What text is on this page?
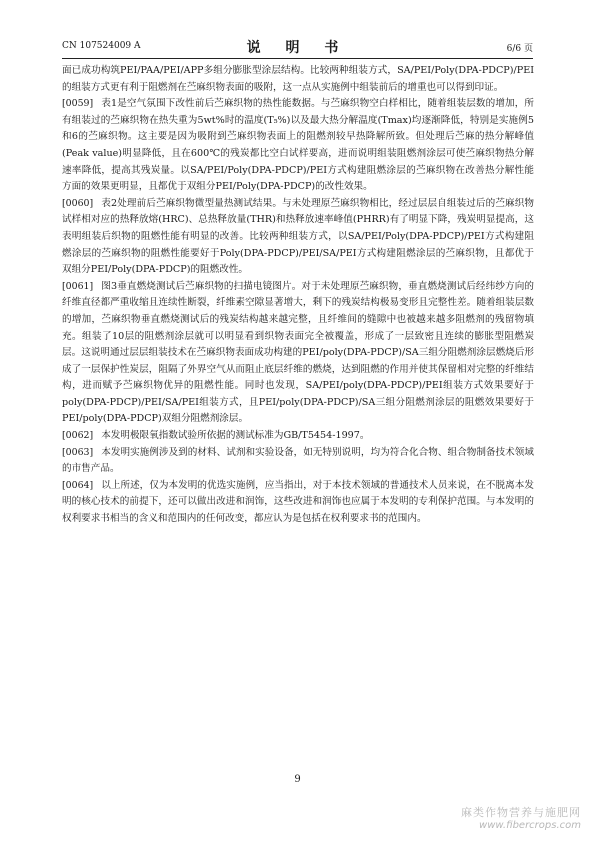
CN 107524009 A	说 明 书	6/6 页

面已成功构筑PEI/PAA/PEI/APP多组分膨胀型涂层结构。比较两种组装方式，SA/PEI/Poly(DPA-PDCP)/PEI的组装方式更有利于阻燃剂在苎麻织物表面的吸附，这一点从实施例中组装前后的增重也可以得到印证。

[0059] 表1是空气氛围下改性前后苎麻织物的热性能数据。与苎麻织物空白样相比，随着组装层数的增加，所有组装过的苎麻织物在热失重为5wt%时的温度(T₅%)以及最大热分解温度(Tmax)均逐渐降低，特别是实施例5和6的苎麻织物。这主要是因为吸附到苎麻织物表面上的阻燃剂较早热降解所致。但处理后苎麻的热分解峰值(Peak value)明显降低，且在600℃的残炭都比空白试样要高，进而说明组装阻燃剂涂层可使苎麻织物热分解速率降低，提高其残炭量。以SA/PEI/Poly(DPA-PDCP)/PEI方式构建阻燃涂层的苎麻织物在改善热分解性能方面的效果更明显，且都优于双组分PEI/Poly(DPA-PDCP)的改性效果。

[0060] 表2处理前后苎麻织物微型量热测试结果。与未处理原苎麻织物相比，经过层层自组装过后的苎麻织物试样相对应的热释放熔(HRC)、总热释放量(THR)和热释放速率峰值(PHRR)有了明显下降，残炭明显提高，这表明组装后织物的阻燃性能有明显的改善。比较两种组装方式，以SA/PEI/Poly(DPA-PDCP)/PEI方式构建阻燃涂层的苎麻织物的阻燃性能要好于Poly(DPA-PDCP)/PEI/SA/PEI方式构建阻燃涂层的苎麻织物，且都优于双组分PEI/Poly(DPA-PDCP)的阻燃改性。

[0061] 图3垂直燃烧测试后苎麻织物的扫描电镜图片。对于未处理原苎麻织物，垂直燃烧测试后经纬纱方向的纤维直径都严重收缩且连续性断裂，纤维素空隙显著增大，剩下的残炭结构极易变形且完整性差。随着组装层数的增加，苎麻织物垂直燃烧测试后的残炭结构越来越完整，且纤维间的缝隙中也被越来越多阻燃剂的残留物填充。组装了10层的阻燃剂涂层就可以明显看到织物表面完全被覆盖，形成了一层致密且连续的膨胀型阻燃炭层。这说明通过层层组装技术在苎麻织物表面成功构建的PEI/poly(DPA-PDCP)/SA三组分阻燃剂涂层燃烧后形成了一层保护性炭层，阻隔了外界空气从而阻止底层纤维的燃烧，达到阻燃的作用并使其保留相对完整的纤维结构，进而赋予苎麻织物优异的阻燃性能。同时也发现，SA/PEI/poly(DPA-PDCP)/PEI组装方式效果要好于poly(DPA-PDCP)/PEI/SA/PEI组装方式，且PEI/poly(DPA-PDCP)/SA三组分阻燃剂涂层的阻燃效果要好于PEI/poly(DPA-PDCP)双组分阻燃剂涂层。

[0062] 本发明极限氧指数试验所依据的测试标准为GB/T5454-1997。

[0063] 本发明实施例涉及到的材料、试剂和实验设备，如无特别说明，均为符合化合物、组合物制备技术领域的市售产品。

[0064] 以上所述，仅为本发明的优选实施例，应当指出，对于本技术领域的普通技术人员来说，在不脱离本发明的核心技术的前提下，还可以做出改进和润饰，这些改进和润饰也应属于本发明的专利保护范围。与本发明的权利要求书相当的含义和范围内的任何改变，都应认为是包括在权利要求书的范围内。

9
麻类作物营养与施肥网
www.fibercrops.com
